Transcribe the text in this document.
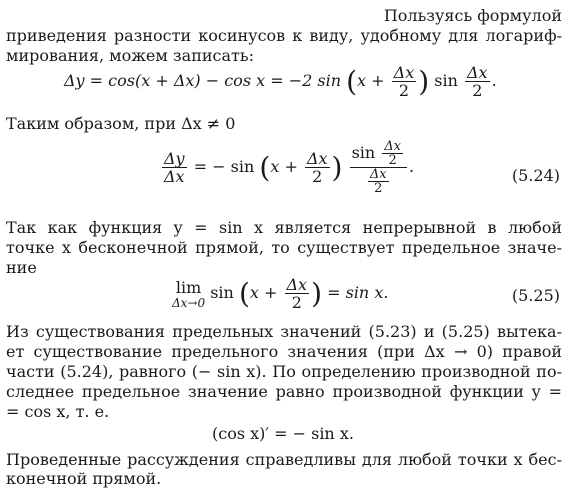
Пользуясь формулой
приведения разности косинусов к виду, удобному для логариф-
мирования, можем записать:
Δy = cos(x + Δx) − cos x = −2 $\sin (x + \frac{\Delta x}{2}$ ) $\sin \frac{\Delta x}{2}$ .
Таким образом, при Δx ≠ 0
$\frac{\Delta y}{\Delta x}$ = − $\sin (x + \frac{\Delta x}{2}$ ) $\frac{\sin \frac{\Delta x}{2}}{\frac{\Delta x}{2}}$ .	(5.24)
Так как функция y = sin x является непрерывной в любой
точке x бесконечной прямой, то существует предельное значе-
ние
lim
Δx→0
$\sin (x + \frac{\Delta x}{2}$ ) = sin x.	(5.25)
Из существования предельных значений (5.23) и (5.25) вытека-
ет существование предельного значения (при Δx → 0) правой
части (5.24), равного (− sin x). По определению производной по-
следнее предельное значение равно производной функции y =
= cos x, т. е.
(cos x)′ = − sin x.
Проведенные рассуждения справедливы для любой точки x бес-
конечной прямой.
